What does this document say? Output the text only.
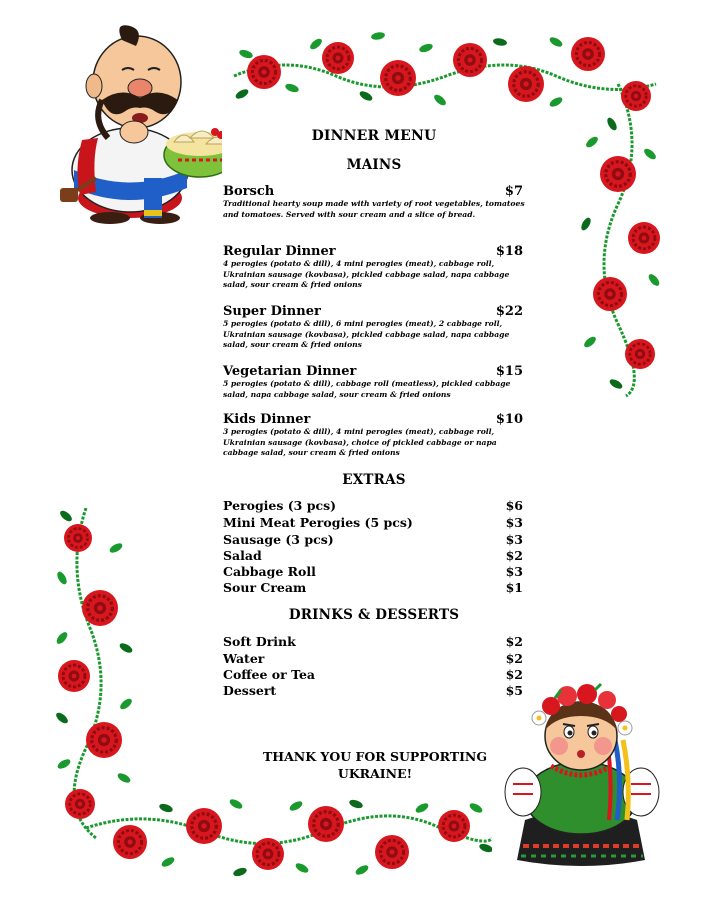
DINNER MENU
MAINS
Borsch	$7
Traditional hearty soup made with variety of root vegetables, tomatoes and tomatoes. Served with sour cream and a slice of bread.
Regular Dinner	$18
4 perogies (potato & dill), 4 mini perogies (meat), cabbage roll, Ukrainian sausage (kovbasa), pickled cabbage salad, napa cabbage salad, sour cream & fried onions
Super Dinner	$22
5 perogies (potato & dill), 6 mini perogies (meat), 2 cabbage roll, Ukrainian sausage (kovbasa), pickled cabbage salad, napa cabbage salad, sour cream & fried onions
Vegetarian Dinner	$15
5 perogies (potato & dill), cabbage roll (meatless), pickled cabbage salad, napa cabbage salad, sour cream & fried onions
Kids Dinner	$10
3 perogies (potato & dill), 4 mini perogies (meat), cabbage roll, Ukrainian sausage (kovbasa), choice of pickled cabbage or napa cabbage salad, sour cream & fried onions
EXTRAS
Perogies (3 pcs)	$6
Mini Meat Perogies (5 pcs)	$3
Sausage (3 pcs)	$3
Salad	$2
Cabbage Roll	$3
Sour Cream	$1
DRINKS & DESSERTS
Soft Drink	$2
Water	$2
Coffee or Tea	$2
Dessert	$5
THANK YOU FOR SUPPORTING UKRAINE!
